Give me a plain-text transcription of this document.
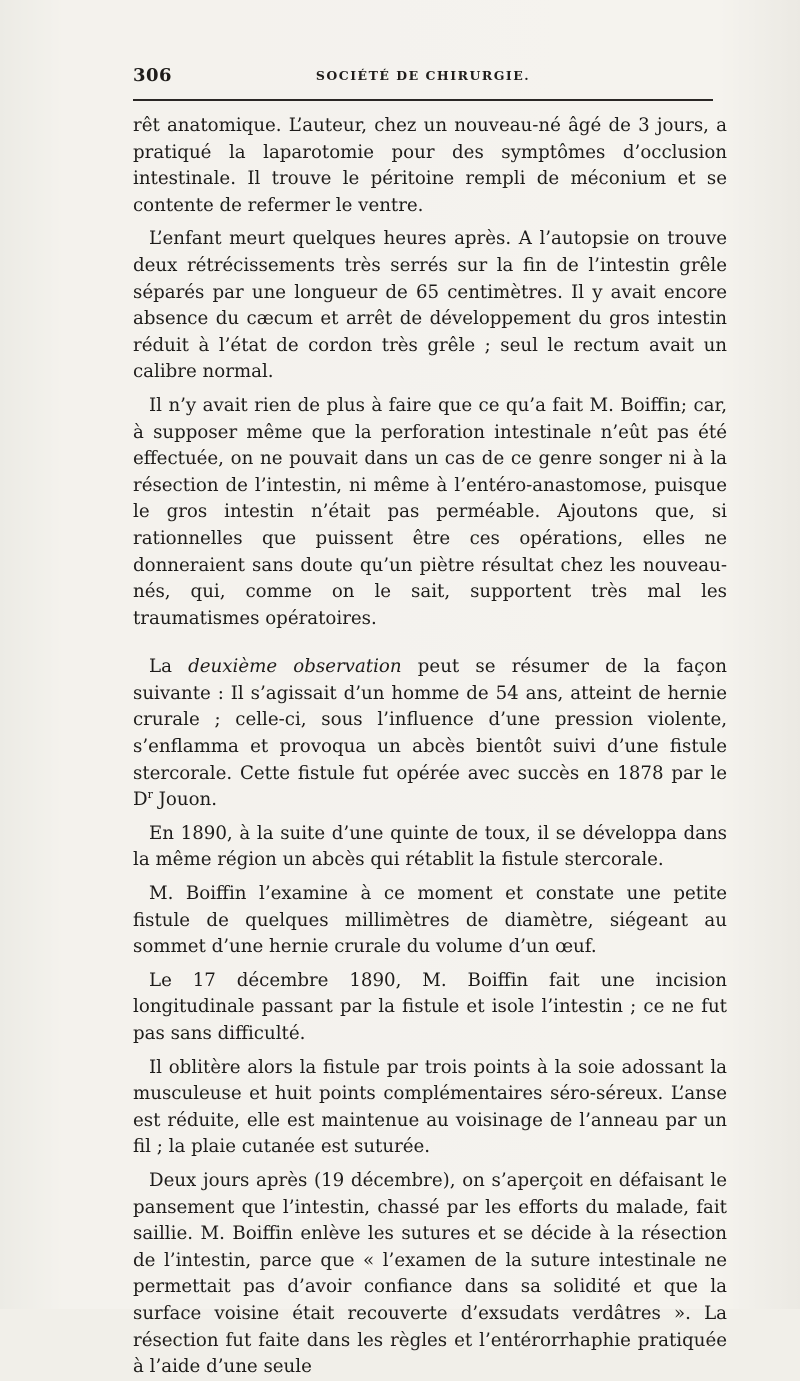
306	SOCIÉTÉ DE CHIRURGIE.

rêt anatomique. L’auteur, chez un nouveau-né âgé de 3 jours, a pratiqué la laparotomie pour des symptômes d’occlusion intestinale. Il trouve le péritoine rempli de méconium et se contente de refermer le ventre.

L’enfant meurt quelques heures après. A l’autopsie on trouve deux rétrécissements très serrés sur la fin de l’intestin grêle séparés par une longueur de 65 centimètres. Il y avait encore absence du cæcum et arrêt de développement du gros intestin réduit à l’état de cordon très grêle ; seul le rectum avait un calibre normal.

Il n’y avait rien de plus à faire que ce qu’a fait M. Boiffin; car, à supposer même que la perforation intestinale n’eût pas été effectuée, on ne pouvait dans un cas de ce genre songer ni à la résection de l’intestin, ni même à l’entéro-anastomose, puisque le gros intestin n’était pas perméable. Ajoutons que, si rationnelles que puissent être ces opérations, elles ne donneraient sans doute qu’un piètre résultat chez les nouveau-nés, qui, comme on le sait, supportent très mal les traumatismes opératoires.

La deuxième observation peut se résumer de la façon suivante : Il s’agissait d’un homme de 54 ans, atteint de hernie crurale ; celle-ci, sous l’influence d’une pression violente, s’enflamma et provoqua un abcès bientôt suivi d’une fistule stercorale. Cette fistule fut opérée avec succès en 1878 par le $D^r$ Jouon.

En 1890, à la suite d’une quinte de toux, il se développa dans la même région un abcès qui rétablit la fistule stercorale.

M. Boiffin l’examine à ce moment et constate une petite fistule de quelques millimètres de diamètre, siégeant au sommet d’une hernie crurale du volume d’un œuf.

Le 17 décembre 1890, M. Boiffin fait une incision longitudinale passant par la fistule et isole l’intestin ; ce ne fut pas sans difficulté.

Il oblitère alors la fistule par trois points à la soie adossant la musculeuse et huit points complémentaires séro-séreux. L’anse est réduite, elle est maintenue au voisinage de l’anneau par un fil ; la plaie cutanée est suturée.

Deux jours après (19 décembre), on s’aperçoit en défaisant le pansement que l’intestin, chassé par les efforts du malade, fait saillie. M. Boiffin enlève les sutures et se décide à la résection de l’intestin, parce que « l’examen de la suture intestinale ne permettait pas d’avoir confiance dans sa solidité et que la surface voisine était recouverte d’exsudats verdâtres ». La résection fut faite dans les règles et l’entérorrhaphie pratiquée à l’aide d’une seule
